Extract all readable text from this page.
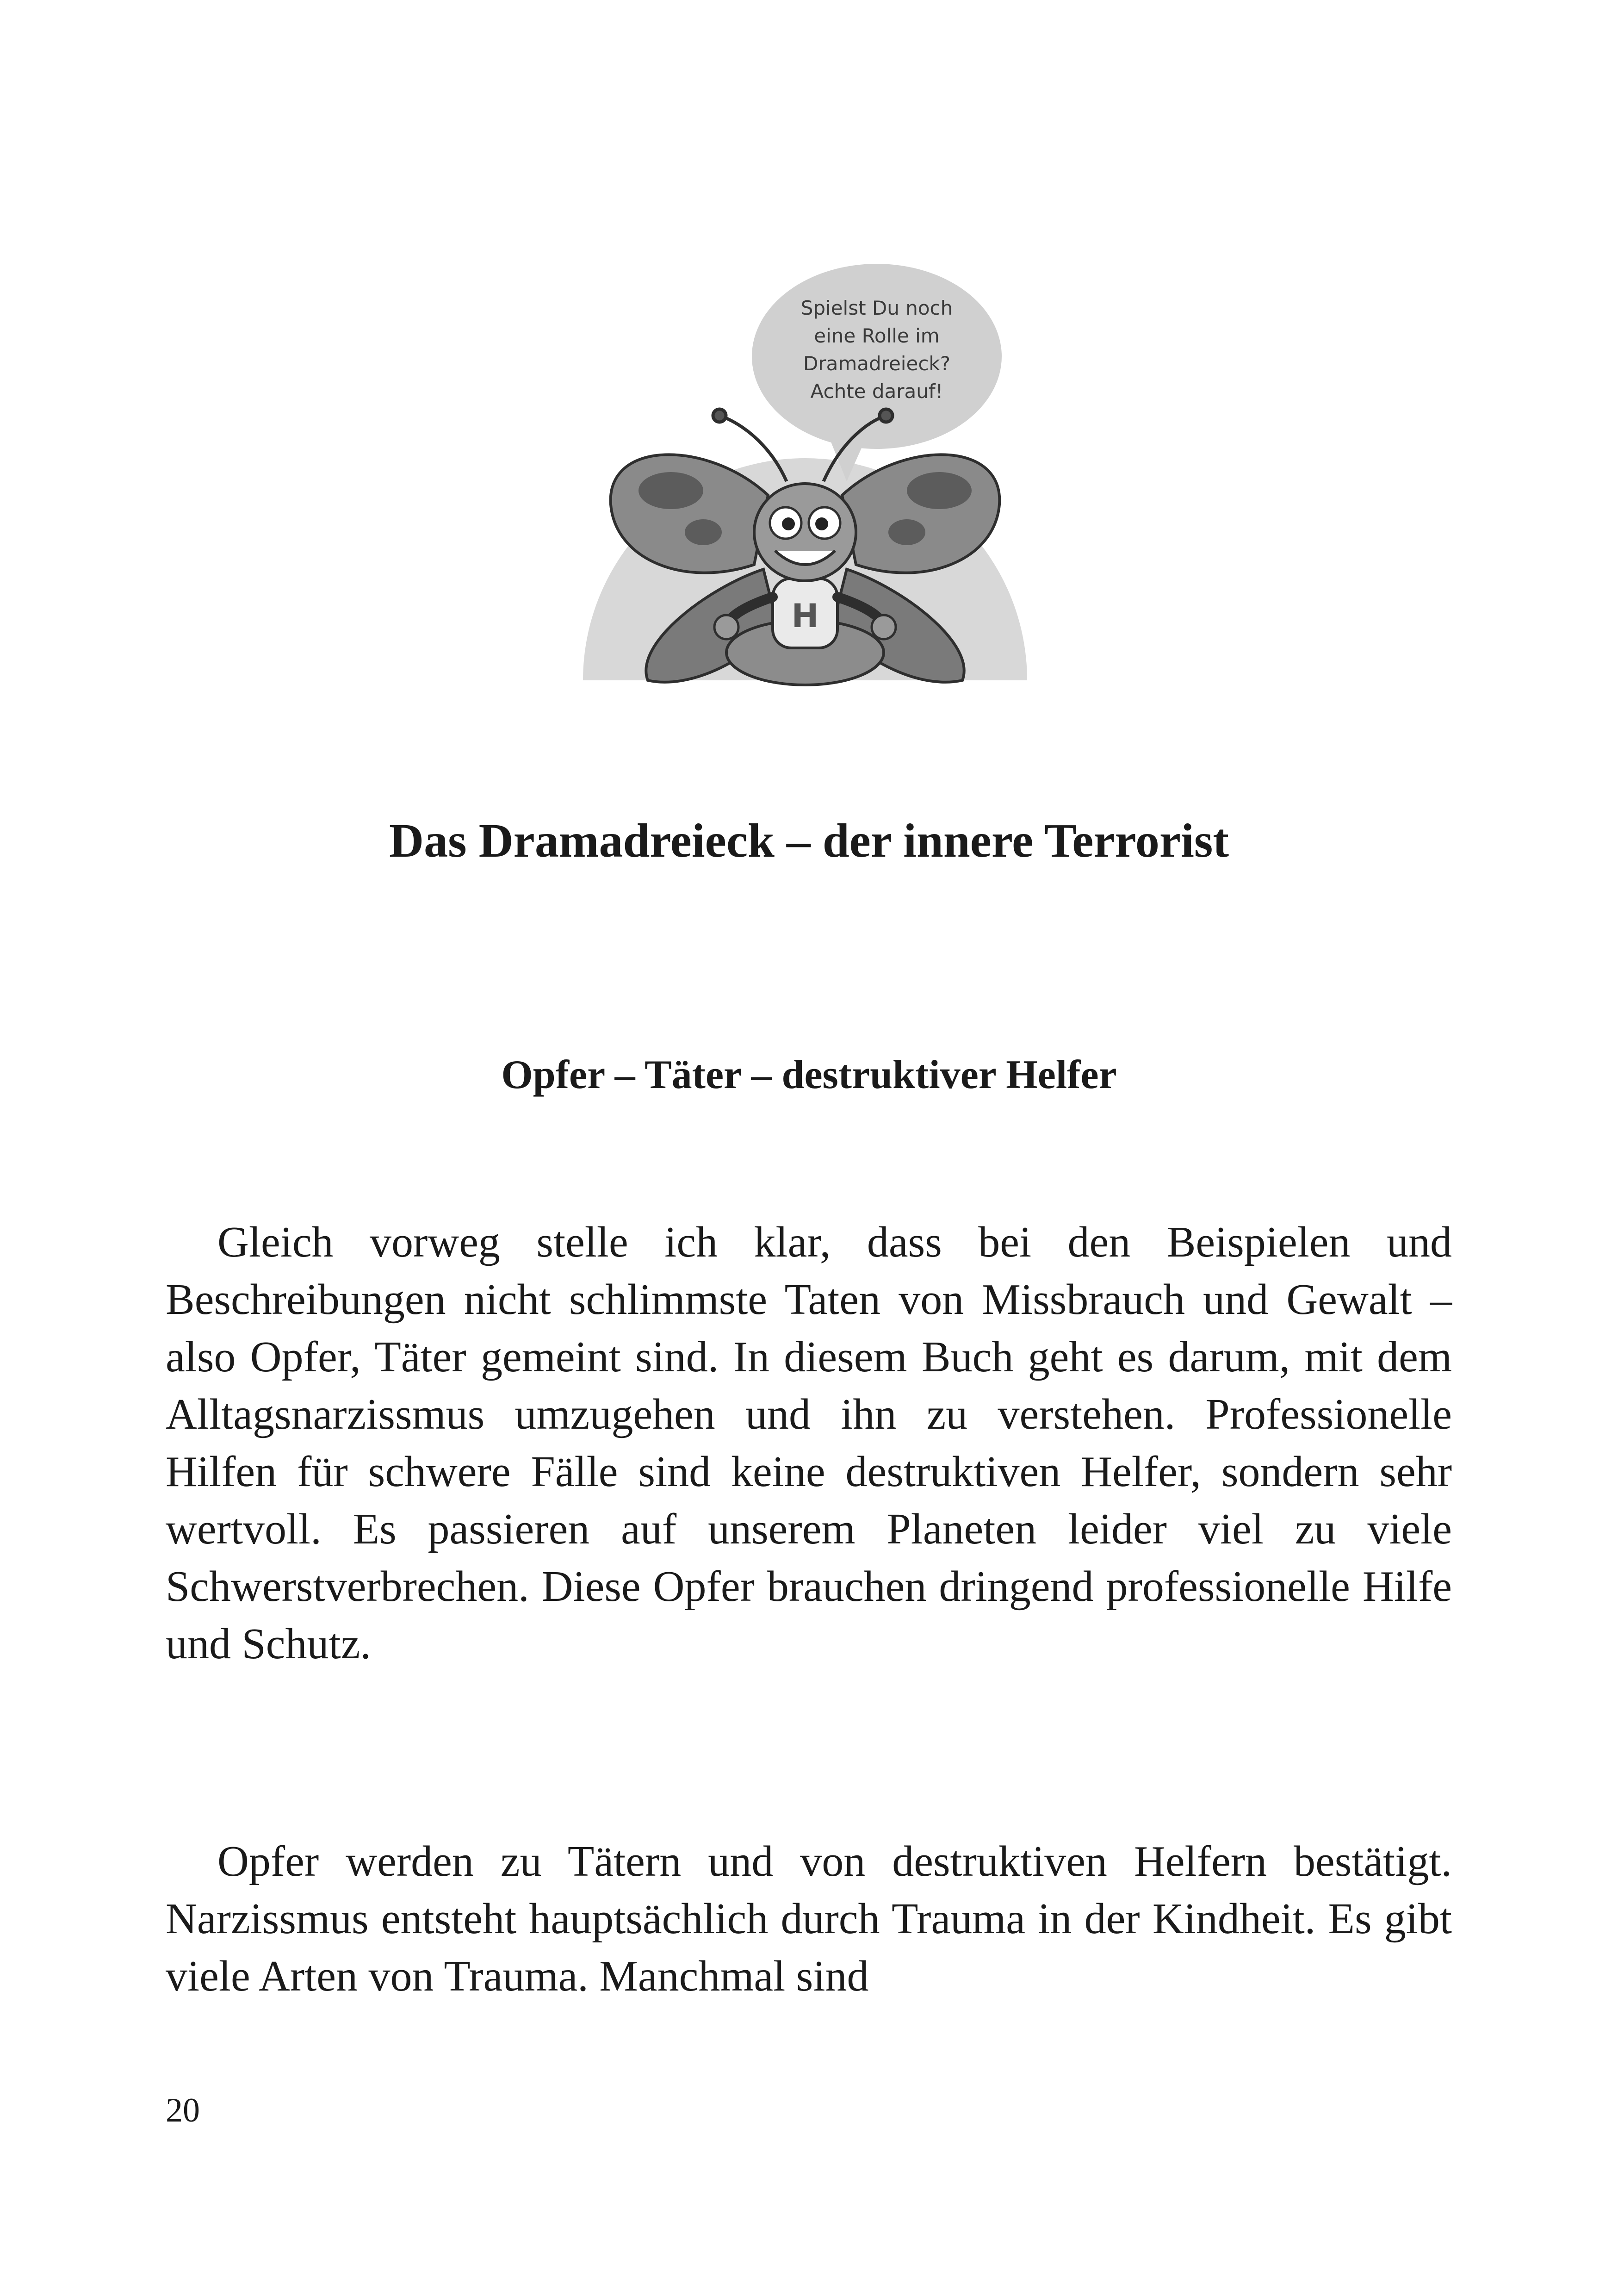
Spielst Du noch
eine Rolle im
Dramadreieck?
Achte darauf!
H
Das Dramadreieck – der innere Terrorist
Opfer – Täter – destruktiver Helfer

Gleich vorweg stelle ich klar, dass bei den Beispielen und Beschreibungen nicht schlimmste Taten von Missbrauch und Gewalt – also Opfer, Täter gemeint sind. In diesem Buch geht es darum, mit dem Alltagsnarzissmus umzugehen und ihn zu verstehen. Professionelle Hilfen für schwere Fälle sind keine destruktiven Helfer, sondern sehr wertvoll. Es passieren auf unserem Planeten leider viel zu viele Schwerstverbrechen. Diese Opfer brauchen dringend professionelle Hilfe und Schutz.

Opfer werden zu Tätern und von destruktiven Helfern bestätigt. Narzissmus entsteht hauptsächlich durch Trauma in der Kindheit. Es gibt viele Arten von Trauma. Manchmal sind

20
